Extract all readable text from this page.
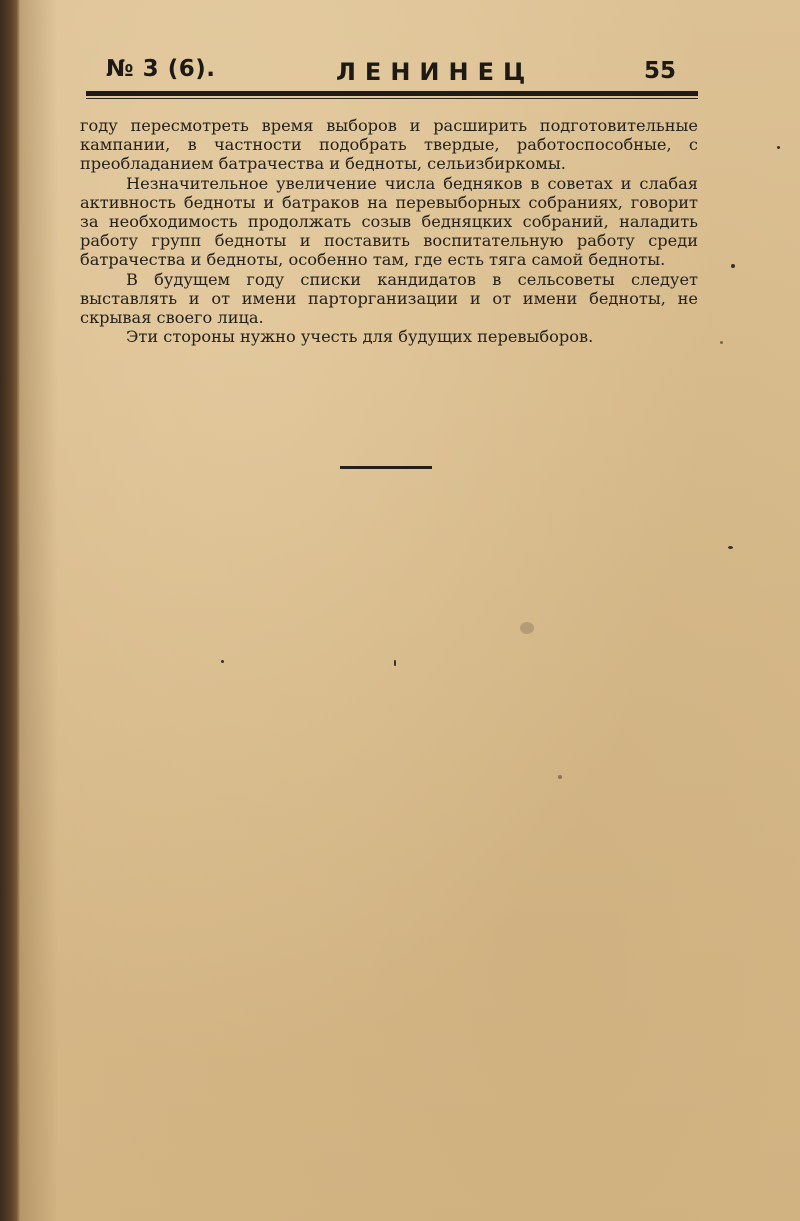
№ 3 (6).	ЛЕНИНЕЦ	55

году пересмотреть время выборов и расширить подготовительные кампании, в частности подобрать твердые, работоспособные, с преобладанием батрачества и бедноты, сельизбиркомы.

Незначительное увеличение числа бедняков в советах и слабая активность бедноты и батраков на перевыборных собраниях, говорит за необходимость продолжать созыв бедняцких собраний, наладить работу групп бедноты и поставить воспитательную работу среди батрачества и бедноты, особенно там, где есть тяга самой бедноты.

В будущем году списки кандидатов в сельсоветы следует выставлять и от имени парторганизации и от имени бедноты, не скрывая своего лица.

Эти стороны нужно учесть для будущих перевыборов.
